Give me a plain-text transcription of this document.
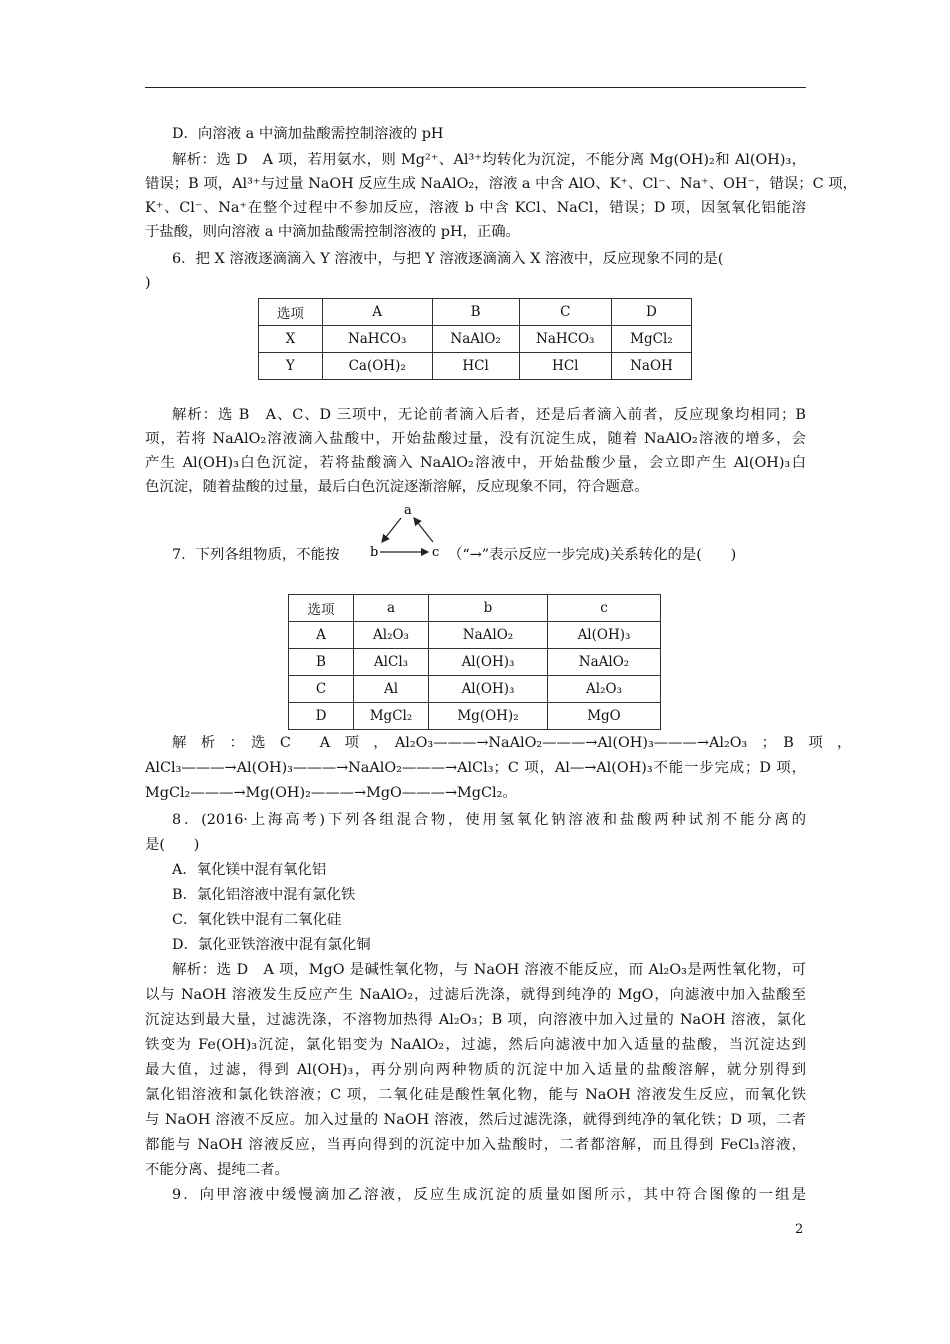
D．向溶液 a 中滴加盐酸需控制溶液的 pH
解析：选 D　A 项，若用氨水，则 Mg²⁺、Al³⁺均转化为沉淀，不能分离 Mg(OH)₂和 Al(OH)₃，
错误；B 项，Al³⁺与过量 NaOH 反应生成 NaAlO₂，溶液 a 中含 AlO、K⁺、Cl⁻、Na⁺、OH⁻，错误；C 项，
K⁺、Cl⁻、Na⁺在整个过程中不参加反应，溶液 b 中含 KCl、NaCl，错误；D 项，因氢氧化铝能溶
于盐酸，则向溶液 a 中滴加盐酸需控制溶液的 pH，正确。
6．把 X 溶液逐滴滴入 Y 溶液中，与把 Y 溶液逐滴滴入 X 溶液中，反应现象不同的是(
)
选项	A	B	C	D
X	NaHCO₃	NaAlO₂	NaHCO₃	MgCl₂
Y	Ca(OH)₂	HCl	HCl	NaOH
解析：选 B　A、C、D 三项中，无论前者滴入后者，还是后者滴入前者，反应现象均相同；B
项，若将 NaAlO₂溶液滴入盐酸中，开始盐酸过量，没有沉淀生成，随着 NaAlO₂溶液的增多，会
产生 Al(OH)₃白色沉淀，若将盐酸滴入 NaAlO₂溶液中，开始盐酸少量，会立即产生 Al(OH)₃白
色沉淀，随着盐酸的过量，最后白色沉淀逐渐溶解，反应现象不同，符合题意。
7．下列各组物质，不能按
a
b	c （“→”表示反应一步完成)关系转化的是(　　)
选项	a	b	c
A	Al₂O₃	NaAlO₂	Al(OH)₃
B	AlCl₃	Al(OH)₃	NaAlO₂
C	Al	Al(OH)₃	Al₂O₃
D	MgCl₂	Mg(OH)₂	MgO
解　析　：　选　C　　A　项　，　Al₂O₃———→NaAlO₂———→Al(OH)₃———→Al₂O₃　；　B　项　，
AlCl₃———→Al(OH)₃———→NaAlO₂———→AlCl₃；C 项，Al—→Al(OH)₃不能一步完成；D 项，
MgCl₂———→Mg(OH)₂———→MgO———→MgCl₂。
8．(2016·上海高考)下列各组混合物，使用氢氧化钠溶液和盐酸两种试剂不能分离的
是(　　)
A．氧化镁中混有氧化铝
B．氯化铝溶液中混有氯化铁
C．氧化铁中混有二氧化硅
D．氯化亚铁溶液中混有氯化铜
解析：选 D　A 项，MgO 是碱性氧化物，与 NaOH 溶液不能反应，而 Al₂O₃是两性氧化物，可
以与 NaOH 溶液发生反应产生 NaAlO₂，过滤后洗涤，就得到纯净的 MgO，向滤液中加入盐酸至
沉淀达到最大量，过滤洗涤，不溶物加热得 Al₂O₃；B 项，向溶液中加入过量的 NaOH 溶液，氯化
铁变为 Fe(OH)₃沉淀，氯化铝变为 NaAlO₂，过滤，然后向滤液中加入适量的盐酸，当沉淀达到
最大值，过滤，得到 Al(OH)₃，再分别向两种物质的沉淀中加入适量的盐酸溶解，就分别得到
氯化铝溶液和氯化铁溶液；C 项，二氧化硅是酸性氧化物，能与 NaOH 溶液发生反应，而氧化铁
与 NaOH 溶液不反应。加入过量的 NaOH 溶液，然后过滤洗涤，就得到纯净的氧化铁；D 项，二者
都能与 NaOH 溶液反应，当再向得到的沉淀中加入盐酸时，二者都溶解，而且得到 FeCl₃溶液，
不能分离、提纯二者。
9．向甲溶液中缓慢滴加乙溶液，反应生成沉淀的质量如图所示，其中符合图像的一组是
2
